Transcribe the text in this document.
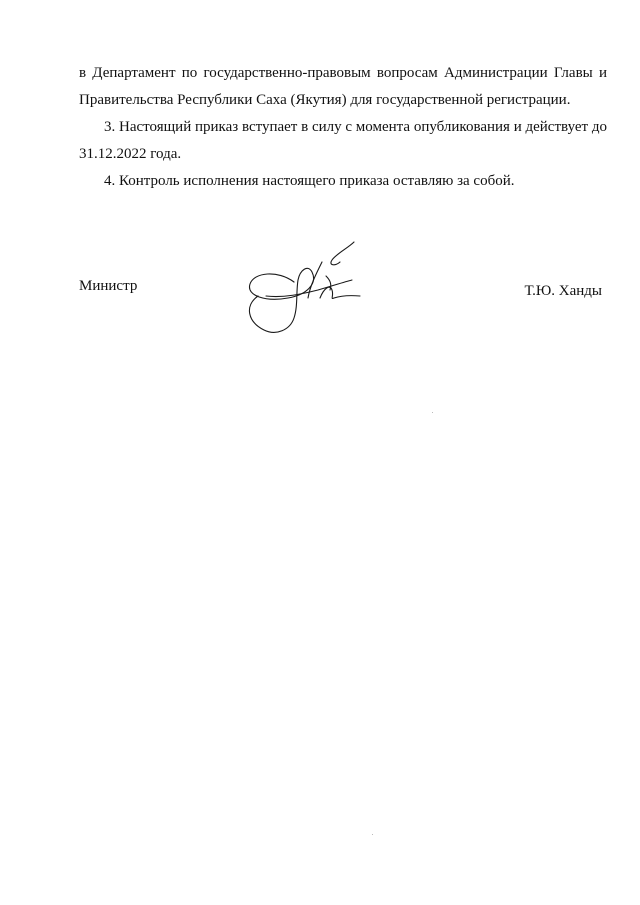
в Департамент по государственно-правовым вопросам Администрации Главы и Правительства Республики Саха (Якутия) для государственной регистрации.

3. Настоящий приказ вступает в силу с момента опубликования и действует до 31.12.2022 года.

4. Контроль исполнения настоящего приказа оставляю за собой.

Министр	Т.Ю. Ханды
